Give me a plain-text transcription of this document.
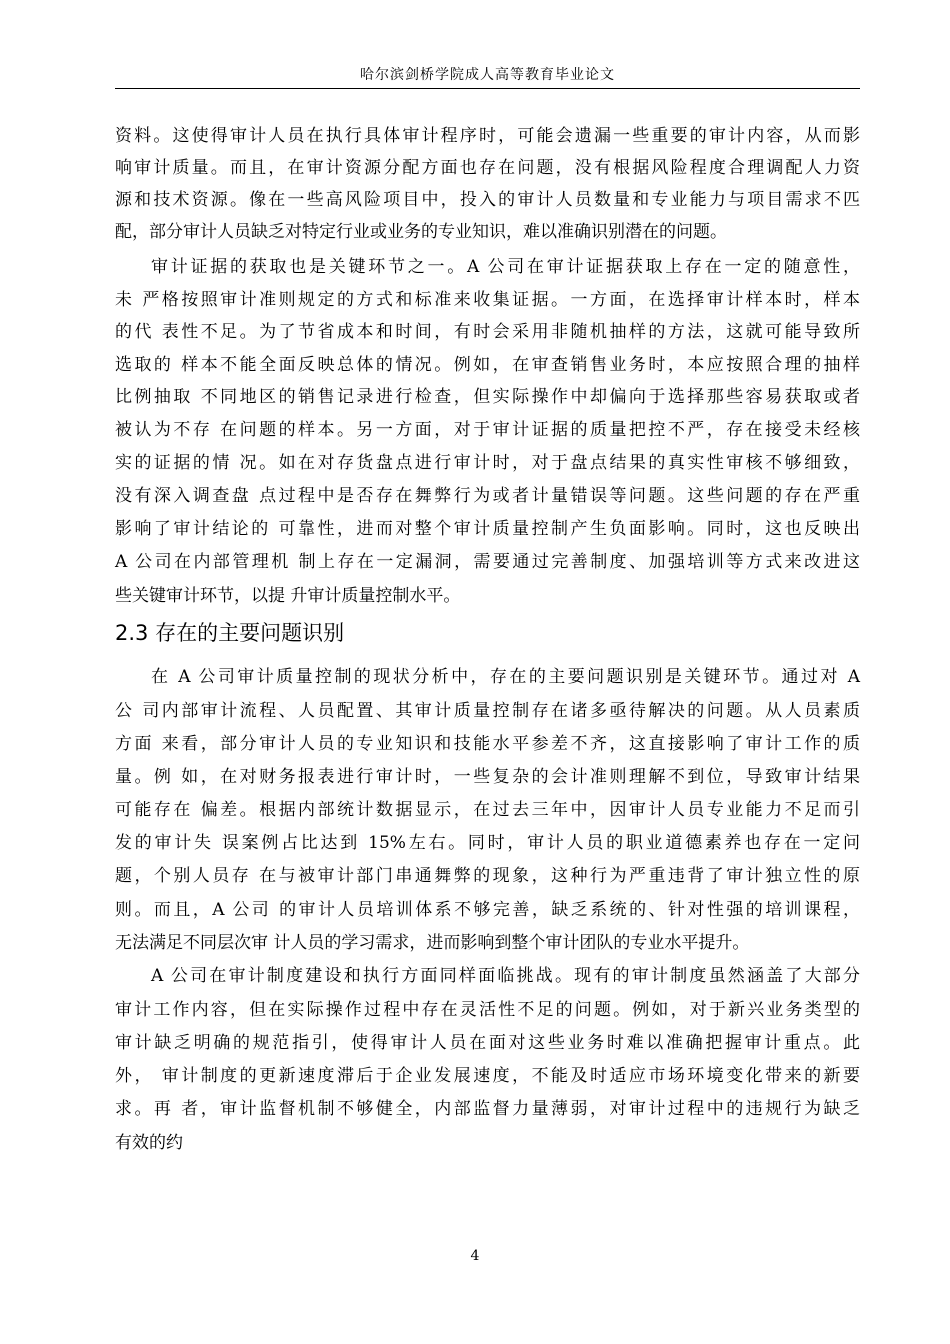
哈尔滨剑桥学院成人高等教育毕业论文
资料。这使得审计人员在执行具体审计程序时，可能会遗漏一些重要的审计内容，从而影
响审计质量。而且，在审计资源分配方面也存在问题，没有根据风险程度合理调配人力资
源和技术资源。像在一些高风险项目中，投入的审计人员数量和专业能力与项目需求不匹
配，部分审计人员缺乏对特定行业或业务的专业知识，难以准确识别潜在的问题。
审计证据的获取也是关键环节之一。A 公司在审计证据获取上存在一定的随意性，
未 严格按照审计准则规定的方式和标准来收集证据。一方面，在选择审计样本时，样本
的代 表性不足。为了节省成本和时间，有时会采用非随机抽样的方法，这就可能导致所
选取的 样本不能全面反映总体的情况。例如，在审查销售业务时，本应按照合理的抽样
比例抽取 不同地区的销售记录进行检查，但实际操作中却偏向于选择那些容易获取或者
被认为不存 在问题的样本。另一方面，对于审计证据的质量把控不严，存在接受未经核
实的证据的情 况。如在对存货盘点进行审计时，对于盘点结果的真实性审核不够细致，
没有深入调查盘 点过程中是否存在舞弊行为或者计量错误等问题。这些问题的存在严重
影响了审计结论的 可靠性，进而对整个审计质量控制产生负面影响。同时，这也反映出
A 公司在内部管理机 制上存在一定漏洞，需要通过完善制度、加强培训等方式来改进这
些关键审计环节，以提 升审计质量控制水平。
2.3 存在的主要问题识别
在 A 公司审计质量控制的现状分析中，存在的主要问题识别是关键环节。通过对 A
公 司内部审计流程、人员配置、其审计质量控制存在诸多亟待解决的问题。从人员素质
方面 来看，部分审计人员的专业知识和技能水平参差不齐，这直接影响了审计工作的质
量。例 如，在对财务报表进行审计时，一些复杂的会计准则理解不到位，导致审计结果
可能存在 偏差。根据内部统计数据显示，在过去三年中，因审计人员专业能力不足而引
发的审计失 误案例占比达到 15%左右。同时，审计人员的职业道德素养也存在一定问
题，个别人员存 在与被审计部门串通舞弊的现象，这种行为严重违背了审计独立性的原
则。而且，A 公司 的审计人员培训体系不够完善，缺乏系统的、针对性强的培训课程，
无法满足不同层次审 计人员的学习需求，进而影响到整个审计团队的专业水平提升。
A 公司在审计制度建设和执行方面同样面临挑战。现有的审计制度虽然涵盖了大部分
审计工作内容，但在实际操作过程中存在灵活性不足的问题。例如，对于新兴业务类型的
审计缺乏明确的规范指引，使得审计人员在面对这些业务时难以准确把握审计重点。此
外， 审计制度的更新速度滞后于企业发展速度，不能及时适应市场环境变化带来的新要
求。再 者，审计监督机制不够健全，内部监督力量薄弱，对审计过程中的违规行为缺乏
有效的约
4
